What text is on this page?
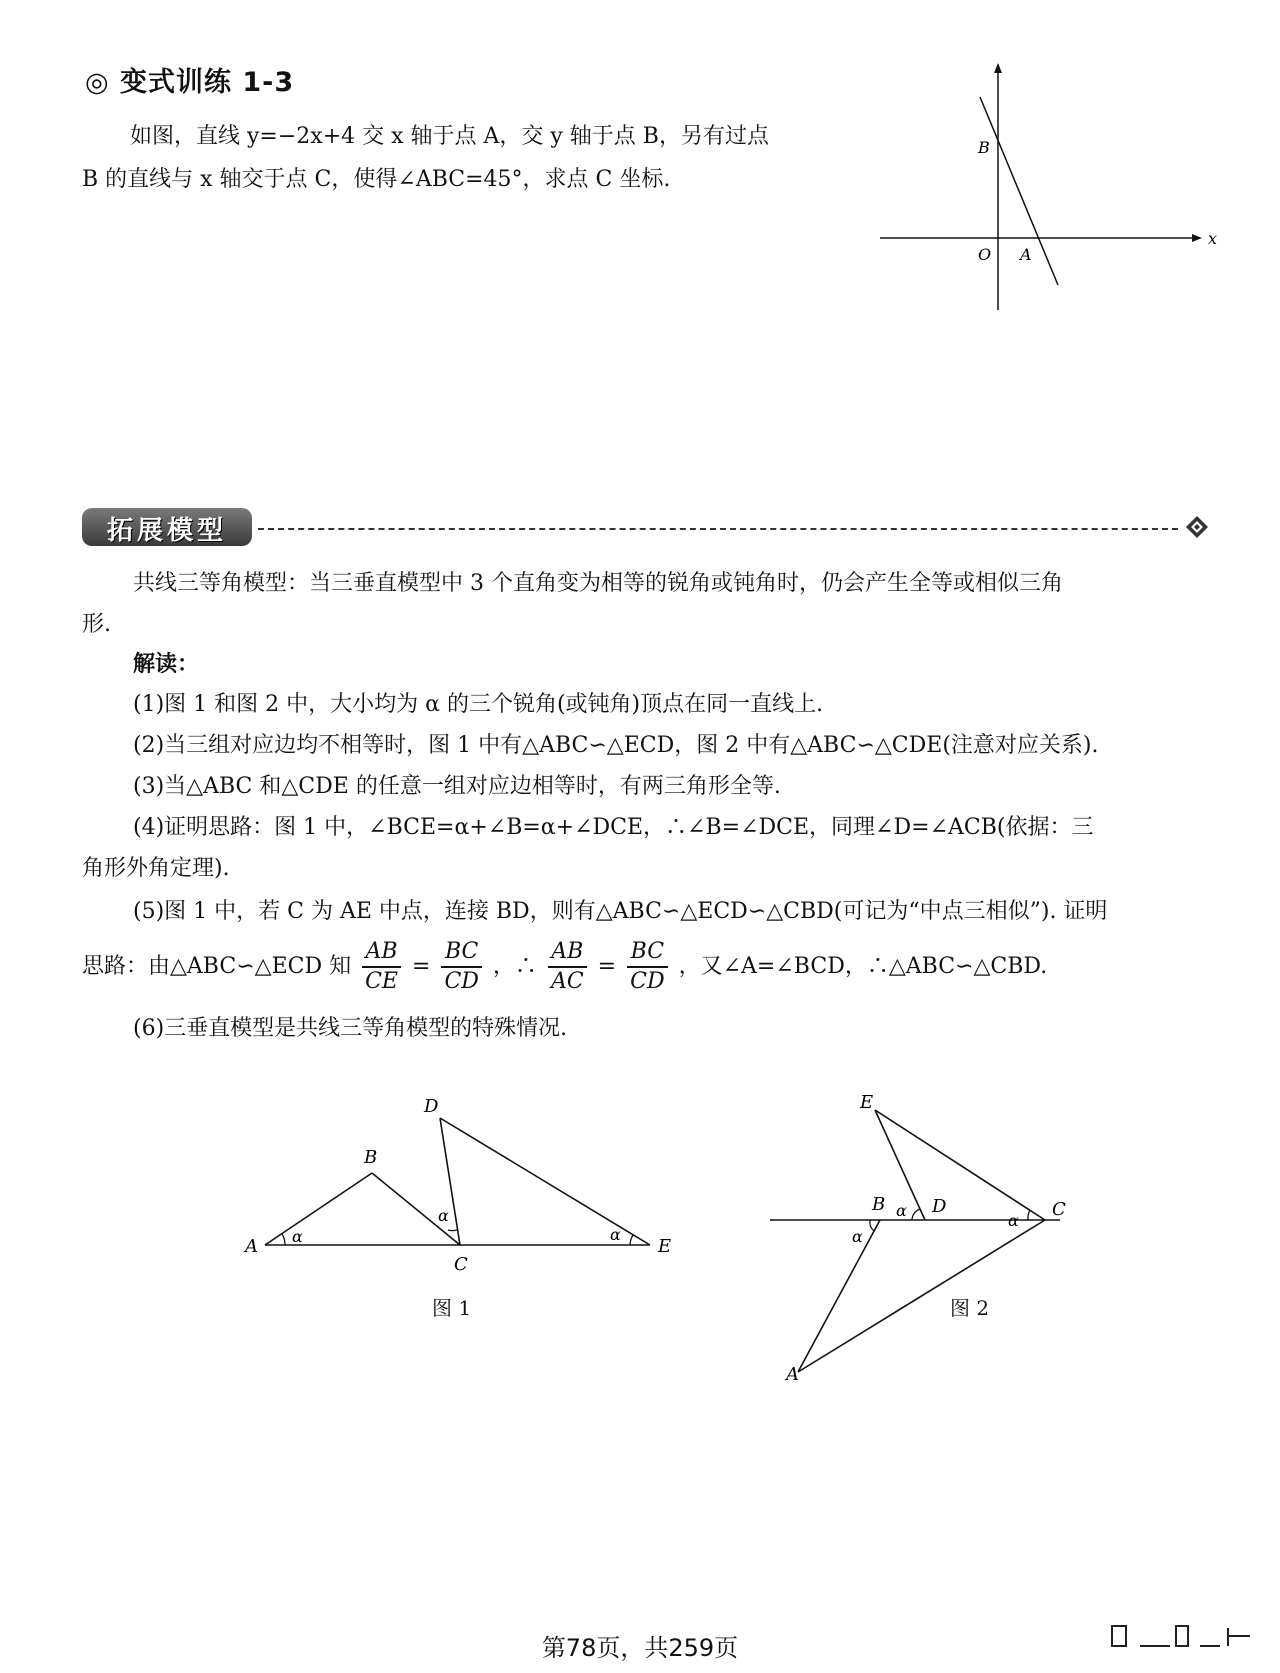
◎ 变式训练 1-3
如图，直线 y=−2x+4 交 x 轴于点 A，交 y 轴于点 B，另有过点
B 的直线与 x 轴交于点 C，使得∠ABC=45°，求点 C 坐标.
x
O A
B
拓展模型
共线三等角模型：当三垂直模型中 3 个直角变为相等的锐角或钝角时，仍会产生全等或相似三角
形.
解读：
(1)图 1 和图 2 中，大小均为 α 的三个锐角(或钝角)顶点在同一直线上.
(2)当三组对应边均不相等时，图 1 中有△ABC∽△ECD，图 2 中有△ABC∽△CDE(注意对应关系).
(3)当△ABC 和△CDE 的任意一组对应边相等时，有两三角形全等.
(4)证明思路：图 1 中，∠BCE=α+∠B=α+∠DCE，∴∠B=∠DCE，同理∠D=∠ACB(依据：三
角形外角定理).
(5)图 1 中，若 C 为 AE 中点，连接 BD，则有△ABC∽△ECD∽△CBD(可记为“中点三相似”). 证明
思路：由△ABC∽△ECD 知 $\frac{AB}{CE} = \frac{BC}{CD}$ ，∴ $\frac{AB}{AC} = \frac{BC}{CD}$ ，又∠A=∠BCD，∴△ABC∽△CBD.
(6)三垂直模型是共线三等角模型的特殊情况.
A
B
C
D
E
α
α
α
图 1
A
B	C
D
E
α
α
α
图 2
第78页，共259页
